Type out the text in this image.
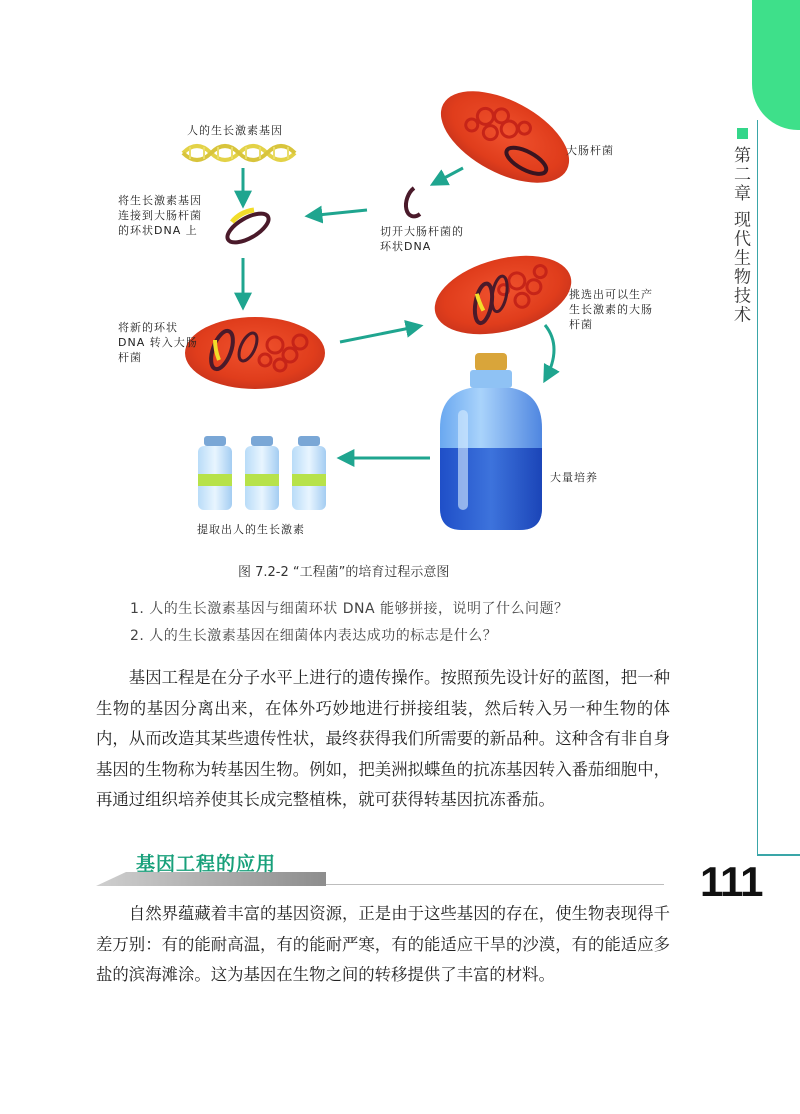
第二章 现代生物技术
111
人的生长激素基因
大肠杆菌
切开大肠杆菌的环状DNA
将生长激素基因连接到大肠杆菌的环状DNA 上
将新的环状DNA 转入大肠杆菌
挑选出可以生产生长激素的大肠杆菌
大量培养
提取出人的生长激素
图 7.2-2 “工程菌”的培育过程示意图
1. 人的生长激素基因与细菌环状 DNA 能够拼接，说明了什么问题？
2. 人的生长激素基因在细菌体内表达成功的标志是什么？

基因工程是在分子水平上进行的遗传操作。按照预先设计好的蓝图，把一种生物的基因分离出来，在体外巧妙地进行拼接组装，然后转入另一种生物的体内，从而改造其某些遗传性状，最终获得我们所需要的新品种。这种含有非自身基因的生物称为转基因生物。例如，把美洲拟蝶鱼的抗冻基因转入番茄细胞中，再通过组织培养使其长成完整植株，就可获得转基因抗冻番茄。

基因工程的应用

自然界蕴藏着丰富的基因资源，正是由于这些基因的存在，使生物表现得千差万别：有的能耐高温，有的能耐严寒，有的能适应干旱的沙漠，有的能适应多盐的滨海滩涂。这为基因在生物之间的转移提供了丰富的材料。
